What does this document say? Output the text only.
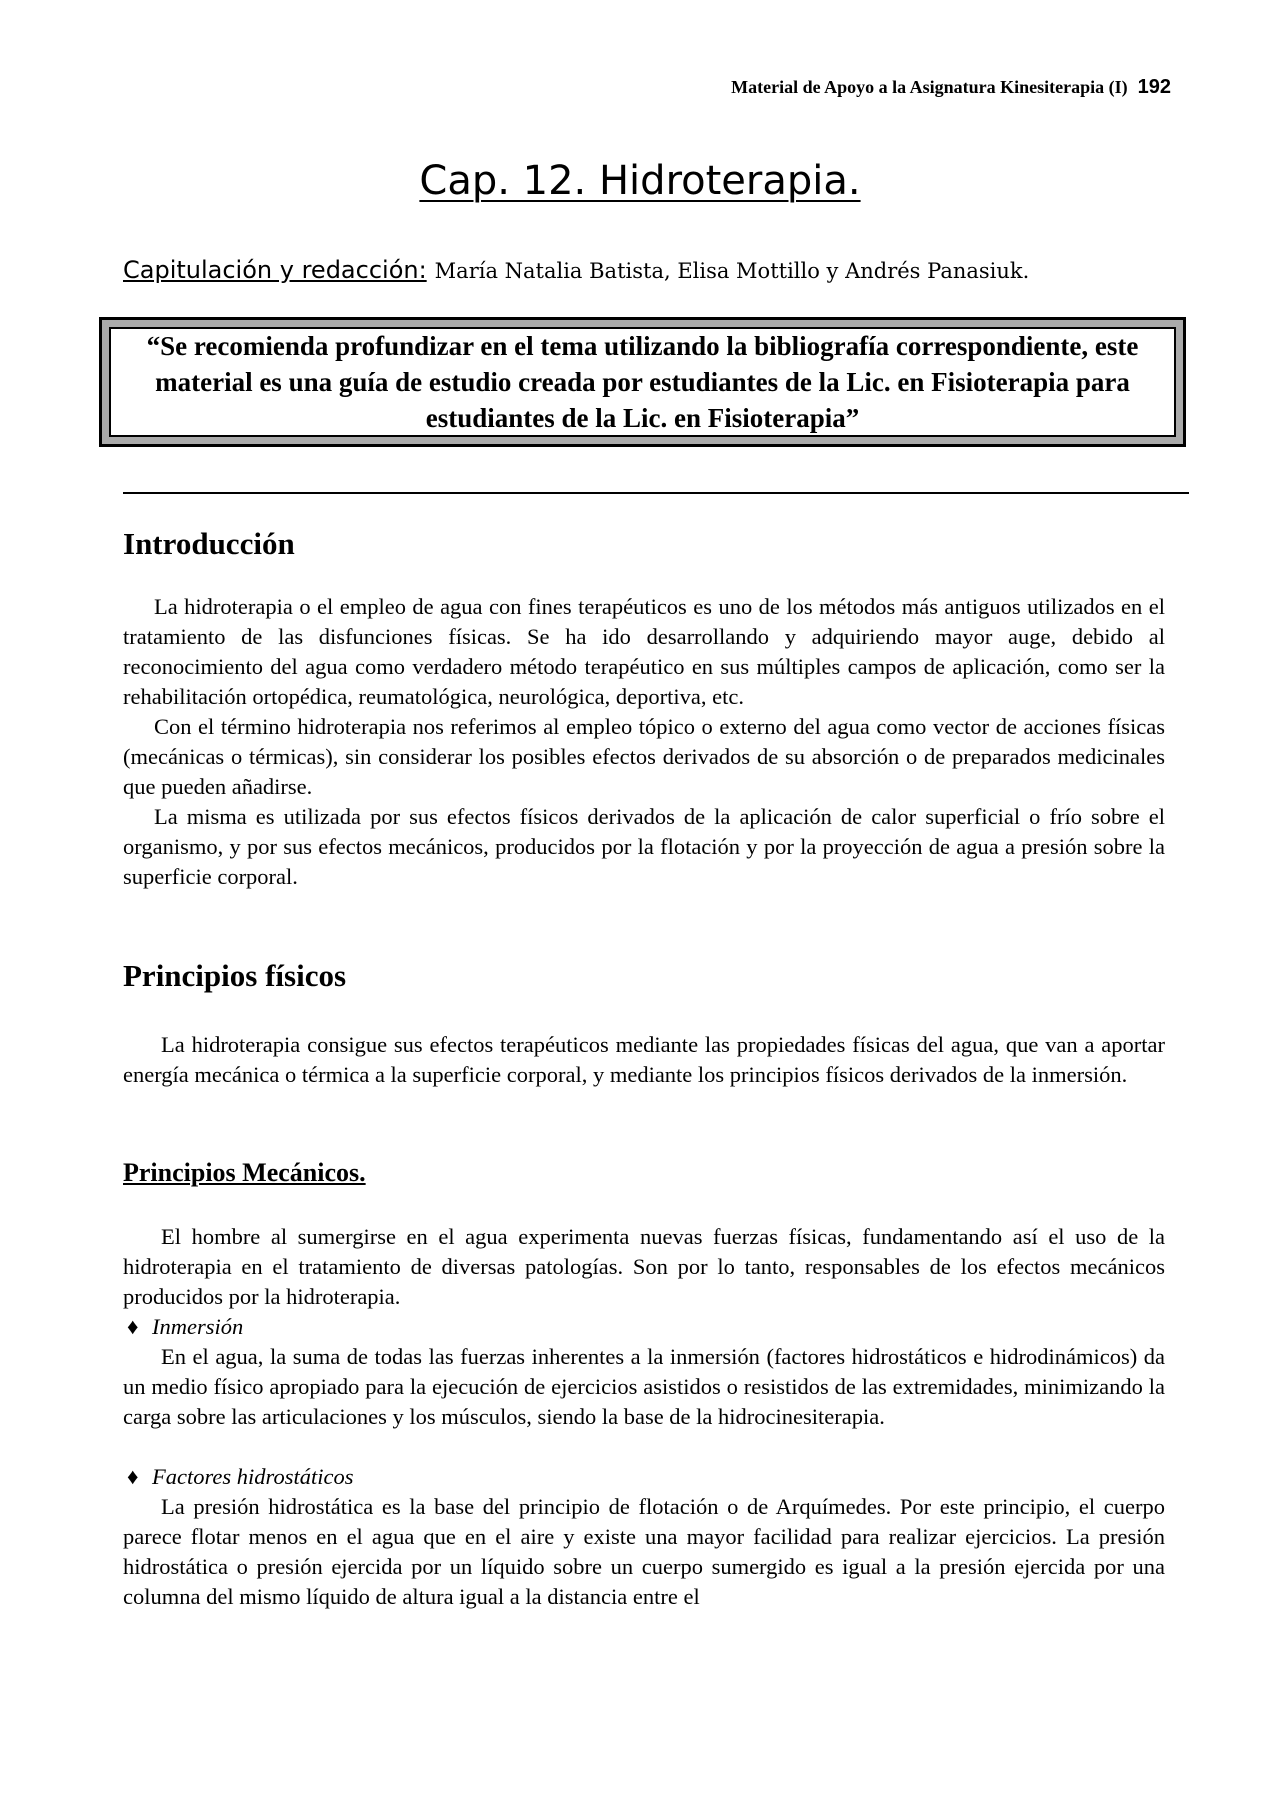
Material de Apoyo a la Asignatura Kinesiterapia (I) 192
Cap. 12. Hidroterapia.
Capitulación y redacción: María Natalia Batista, Elisa Mottillo y Andrés Panasiuk.

“Se recomienda profundizar en el tema utilizando la bibliografía correspondiente, este material es una guía de estudio creada por estudiantes de la Lic. en Fisioterapia para estudiantes de la Lic. en Fisioterapia”

Introducción

La hidroterapia o el empleo de agua con fines terapéuticos es uno de los métodos más antiguos utilizados en el tratamiento de las disfunciones físicas. Se ha ido desarrollando y adquiriendo mayor auge, debido al reconocimiento del agua como verdadero método terapéutico en sus múltiples campos de aplicación, como ser la rehabilitación ortopédica, reumatológica, neurológica, deportiva, etc.

Con el término hidroterapia nos referimos al empleo tópico o externo del agua como vector de acciones físicas (mecánicas o térmicas), sin considerar los posibles efectos derivados de su absorción o de preparados medicinales que pueden añadirse.

La misma es utilizada por sus efectos físicos derivados de la aplicación de calor superficial o frío sobre el organismo, y por sus efectos mecánicos, producidos por la flotación y por la proyección de agua a presión sobre la superficie corporal.

Principios físicos

La hidroterapia consigue sus efectos terapéuticos mediante las propiedades físicas del agua, que van a aportar energía mecánica o térmica a la superficie corporal, y mediante los principios físicos derivados de la inmersión.

Principios Mecánicos.

El hombre al sumergirse en el agua experimenta nuevas fuerzas físicas, fundamentando así el uso de la hidroterapia en el tratamiento de diversas patologías. Son por lo tanto, responsables de los efectos mecánicos producidos por la hidroterapia.

♦ Inmersión

En el agua, la suma de todas las fuerzas inherentes a la inmersión (factores hidrostáticos e hidrodinámicos) da un medio físico apropiado para la ejecución de ejercicios asistidos o resistidos de las extremidades, minimizando la carga sobre las articulaciones y los músculos, siendo la base de la hidrocinesiterapia.

♦ Factores hidrostáticos

La presión hidrostática es la base del principio de flotación o de Arquímedes. Por este principio, el cuerpo parece flotar menos en el agua que en el aire y existe una mayor facilidad para realizar ejercicios. La presión hidrostática o presión ejercida por un líquido sobre un cuerpo sumergido es igual a la presión ejercida por una columna del mismo líquido de altura igual a la distancia entre el
